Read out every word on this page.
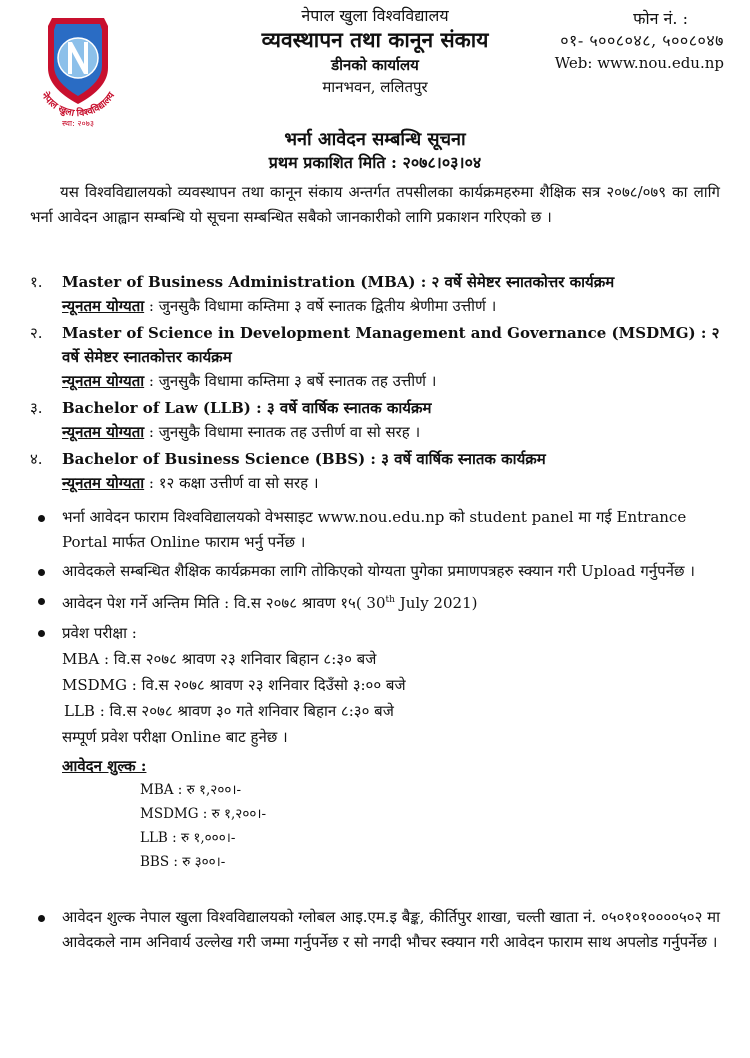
नेपाल खुला विश्वविद्यालय
स्था: २०७३
नेपाल खुला विश्वविद्यालय
व्यवस्थापन तथा कानून संकाय
डीनको कार्यालय
मानभवन, ललितपुर
फोन नं. :
०१- ५००८०४८, ५००८०४७
Web: www.nou.edu.np
भर्ना आवेदन सम्बन्धि सूचना
प्रथम प्रकाशित मिति : २०७८।०३।०४
यस विश्वविद्यालयको व्यवस्थापन तथा कानून संकाय अन्तर्गत तपसीलका कार्यक्रमहरुमा शैक्षिक सत्र २०७८/०७९ का लागि भर्ना आवेदन आह्वान सम्बन्धि यो सूचना सम्बन्धित सबैको जानकारीको लागि प्रकाशन गरिएको छ ।
१.	Master of Business Administration (MBA) : २ वर्षे सेमेष्टर स्नातकोत्तर कार्यक्रम
न्यूनतम योग्यता : जुनसुकै विधामा कम्तिमा ३ वर्षे स्नातक द्वितीय श्रेणीमा उत्तीर्ण ।
२.	Master of Science in Development Management and Governance (MSDMG) : २ वर्षे सेमेष्टर स्नातकोत्तर कार्यक्रम
न्यूनतम योग्यता : जुनसुकै विधामा कम्तिमा ३ बर्षे स्नातक तह उत्तीर्ण ।
३.	Bachelor of Law (LLB) : ३ वर्षे वार्षिक स्नातक कार्यक्रम
न्यूनतम योग्यता : जुनसुकै विधामा स्नातक तह उत्तीर्ण वा सो सरह ।
४.	Bachelor of Business Science (BBS) : ३ वर्षे वार्षिक स्नातक कार्यक्रम
न्यूनतम योग्यता : १२ कक्षा उत्तीर्ण वा सो सरह ।
भर्ना आवेदन फाराम विश्वविद्यालयको वेभसाइट www.nou.edu.np को student panel मा गई Entrance Portal मार्फत Online फाराम भर्नु पर्नेछ ।
आवेदकले सम्बन्धित शैक्षिक कार्यक्रमका लागि तोकिएको योग्यता पुगेका प्रमाणपत्रहरु स्क्यान गरी Upload गर्नुपर्नेछ ।
आवेदन पेश गर्ने अन्तिम मिति : वि.स २०७८ श्रावण १५( 30th July 2021)
प्रवेश परीक्षा :
MBA : वि.स २०७८ श्रावण २३ शनिवार बिहान ८:३० बजे
MSDMG : वि.स २०७८ श्रावण २३ शनिवार दिउँसो ३:०० बजे
LLB : वि.स २०७८ श्रावण ३० गते शनिवार बिहान ८:३० बजे
सम्पूर्ण प्रवेश परीक्षा Online बाट हुनेछ ।
आवेदन शुल्क :
MBA : रु १,२००।-
MSDMG : रु १,२००।-
LLB : रु १,०००।-
BBS : रु ३००।-
आवेदन शुल्क नेपाल खुला विश्वविद्यालयको ग्लोबल आइ.एम.इ बैङ्क, कीर्तिपुर शाखा, चल्ती खाता नं. ०५०१०१००००५०२ मा आवेदकले नाम अनिवार्य उल्लेख गरी जम्मा गर्नुपर्नेछ र सो नगदी भौचर स्क्यान गरी आवेदन फाराम साथ अपलोड गर्नुपर्नेछ ।
